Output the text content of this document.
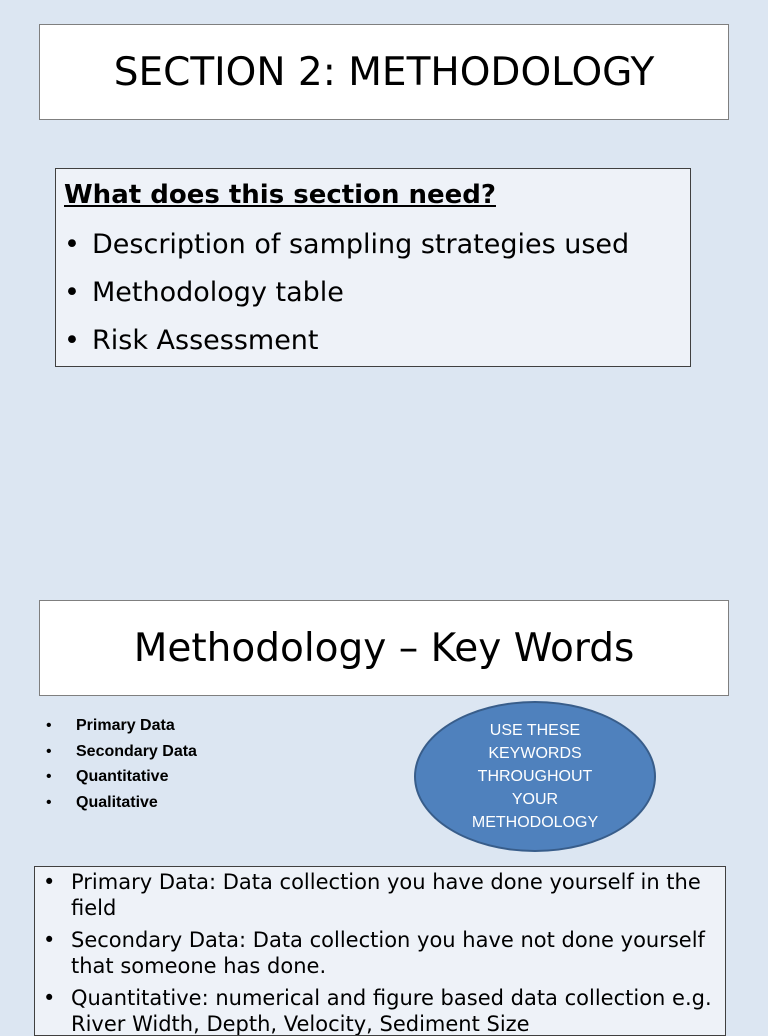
SECTION 2: METHODOLOGY
What does this section need?
• Description of sampling strategies used
• Methodology table
• Risk Assessment
Methodology – Key Words
• Primary Data
• Secondary Data
• Quantitative
• Qualitative
USE THESE KEYWORDS THROUGHOUT YOUR METHODOLOGY
• Primary Data: Data collection you have done yourself in the field
• Secondary Data: Data collection you have not done yourself that someone has done.
• Quantitative: numerical and figure based data collection e.g. River Width, Depth, Velocity, Sediment Size
